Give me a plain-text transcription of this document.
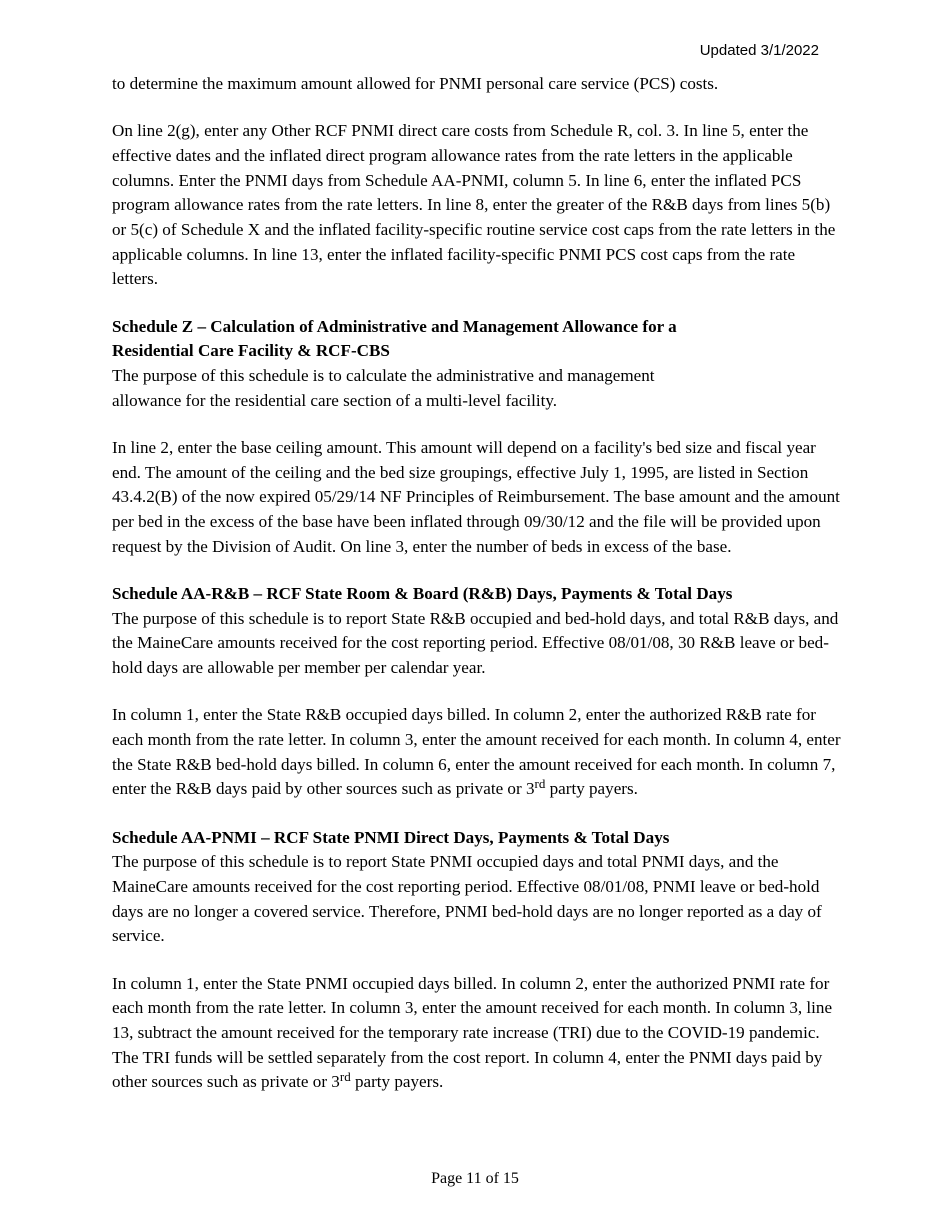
Updated 3/1/2022

to determine the maximum amount allowed for PNMI personal care service (PCS) costs.

On line 2(g), enter any Other RCF PNMI direct care costs from Schedule R, col. 3. In line 5, enter the effective dates and the inflated direct program allowance rates from the rate letters in the applicable columns. Enter the PNMI days from Schedule AA-PNMI, column 5. In line 6, enter the inflated PCS program allowance rates from the rate letters. In line 8, enter the greater of the R&B days from lines 5(b) or 5(c) of Schedule X and the inflated facility-specific routine service cost caps from the rate letters in the applicable columns. In line 13, enter the inflated facility-specific PNMI PCS cost caps from the rate letters.

Schedule Z – Calculation of Administrative and Management Allowance for a Residential Care Facility & RCF-CBS

The purpose of this schedule is to calculate the administrative and management allowance for the residential care section of a multi-level facility.

In line 2, enter the base ceiling amount. This amount will depend on a facility's bed size and fiscal year end. The amount of the ceiling and the bed size groupings, effective July 1, 1995, are listed in Section 43.4.2(B) of the now expired 05/29/14 NF Principles of Reimbursement. The base amount and the amount per bed in the excess of the base have been inflated through 09/30/12 and the file will be provided upon request by the Division of Audit. On line 3, enter the number of beds in excess of the base.

Schedule AA-R&B – RCF State Room & Board (R&B) Days, Payments & Total Days

The purpose of this schedule is to report State R&B occupied and bed-hold days, and total R&B days, and the MaineCare amounts received for the cost reporting period. Effective 08/01/08, 30 R&B leave or bed- hold days are allowable per member per calendar year.

In column 1, enter the State R&B occupied days billed. In column 2, enter the authorized R&B rate for each month from the rate letter. In column 3, enter the amount received for each month. In column 4, enter the State R&B bed-hold days billed. In column 6, enter the amount received for each month. In column 7, enter the R&B days paid by other sources such as private or 3rd party payers.

Schedule AA-PNMI – RCF State PNMI Direct Days, Payments & Total Days

The purpose of this schedule is to report State PNMI occupied days and total PNMI days, and the MaineCare amounts received for the cost reporting period. Effective 08/01/08, PNMI leave or bed-hold days are no longer a covered service. Therefore, PNMI bed-hold days are no longer reported as a day of service.

In column 1, enter the State PNMI occupied days billed. In column 2, enter the authorized PNMI rate for each month from the rate letter. In column 3, enter the amount received for each month. In column 3, line 13, subtract the amount received for the temporary rate increase (TRI) due to the COVID-19 pandemic. The TRI funds will be settled separately from the cost report. In column 4, enter the PNMI days paid by other sources such as private or 3rd party payers.

Page 11 of 15
